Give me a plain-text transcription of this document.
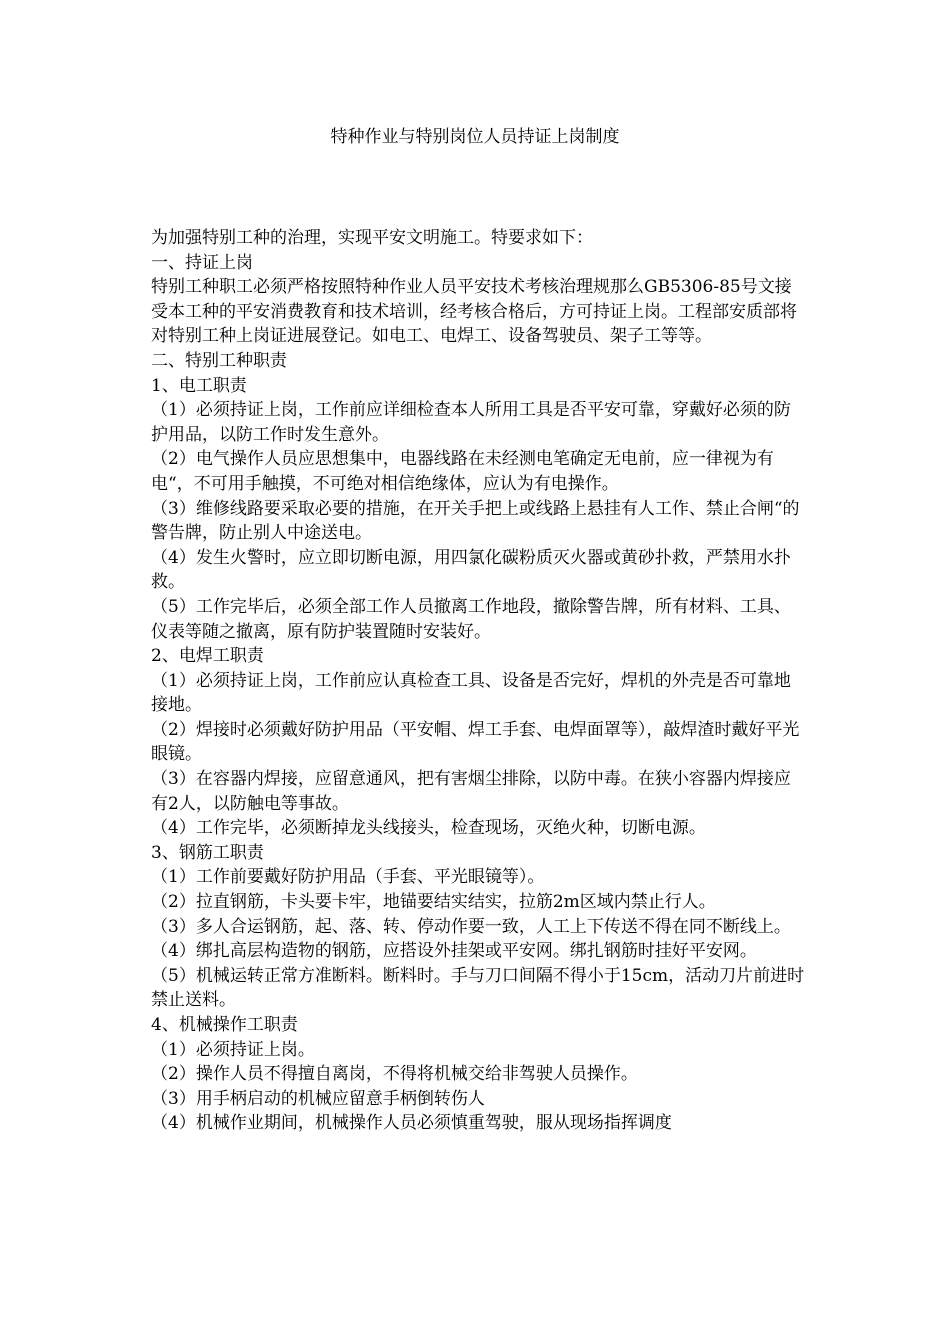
特种作业与特别岗位人员持证上岗制度

为加强特别工种的治理，实现平安文明施工。特要求如下：

一、持证上岗

特别工种职工必须严格按照特种作业人员平安技术考核治理规那么GB5306-85号文接受本工种的平安消费教育和技术培训，经考核合格后，方可持证上岗。工程部安质部将对特别工种上岗证进展登记。如电工、电焊工、设备驾驶员、架子工等等。

二、特别工种职责

1、电工职责

（1）必须持证上岗，工作前应详细检查本人所用工具是否平安可靠，穿戴好必须的防护用品，以防工作时发生意外。

（2）电气操作人员应思想集中，电器线路在未经测电笔确定无电前，应一律视为有电“，不可用手触摸，不可绝对相信绝缘体，应认为有电操作。

（3）维修线路要采取必要的措施，在开关手把上或线路上悬挂有人工作、禁止合闸“的警告牌，防止别人中途送电。

（4）发生火警时，应立即切断电源，用四氯化碳粉质灭火器或黄砂扑救，严禁用水扑救。

（5）工作完毕后，必须全部工作人员撤离工作地段，撤除警告牌，所有材料、工具、仪表等随之撤离，原有防护装置随时安装好。

2、电焊工职责

（1）必须持证上岗，工作前应认真检查工具、设备是否完好，焊机的外壳是否可靠地接地。

（2）焊接时必须戴好防护用品（平安帽、焊工手套、电焊面罩等），敲焊渣时戴好平光眼镜。

（3）在容器内焊接，应留意通风，把有害烟尘排除，以防中毒。在狭小容器内焊接应有2人，以防触电等事故。

（4）工作完毕，必须断掉龙头线接头，检查现场，灭绝火种，切断电源。

3、钢筋工职责

（1）工作前要戴好防护用品（手套、平光眼镜等）。

（2）拉直钢筋，卡头要卡牢，地锚要结实结实，拉筋2m区域内禁止行人。

（3）多人合运钢筋，起、落、转、停动作要一致，人工上下传送不得在同不断线上。

（4）绑扎高层构造物的钢筋，应搭设外挂架或平安网。绑扎钢筋时挂好平安网。

（5）机械运转正常方准断料。断料时。手与刀口间隔不得小于15cm，活动刀片前进时禁止送料。

4、机械操作工职责

（1）必须持证上岗。

（2）操作人员不得擅自离岗，不得将机械交给非驾驶人员操作。

（3）用手柄启动的机械应留意手柄倒转伤人

（4）机械作业期间，机械操作人员必须慎重驾驶，服从现场指挥调度
